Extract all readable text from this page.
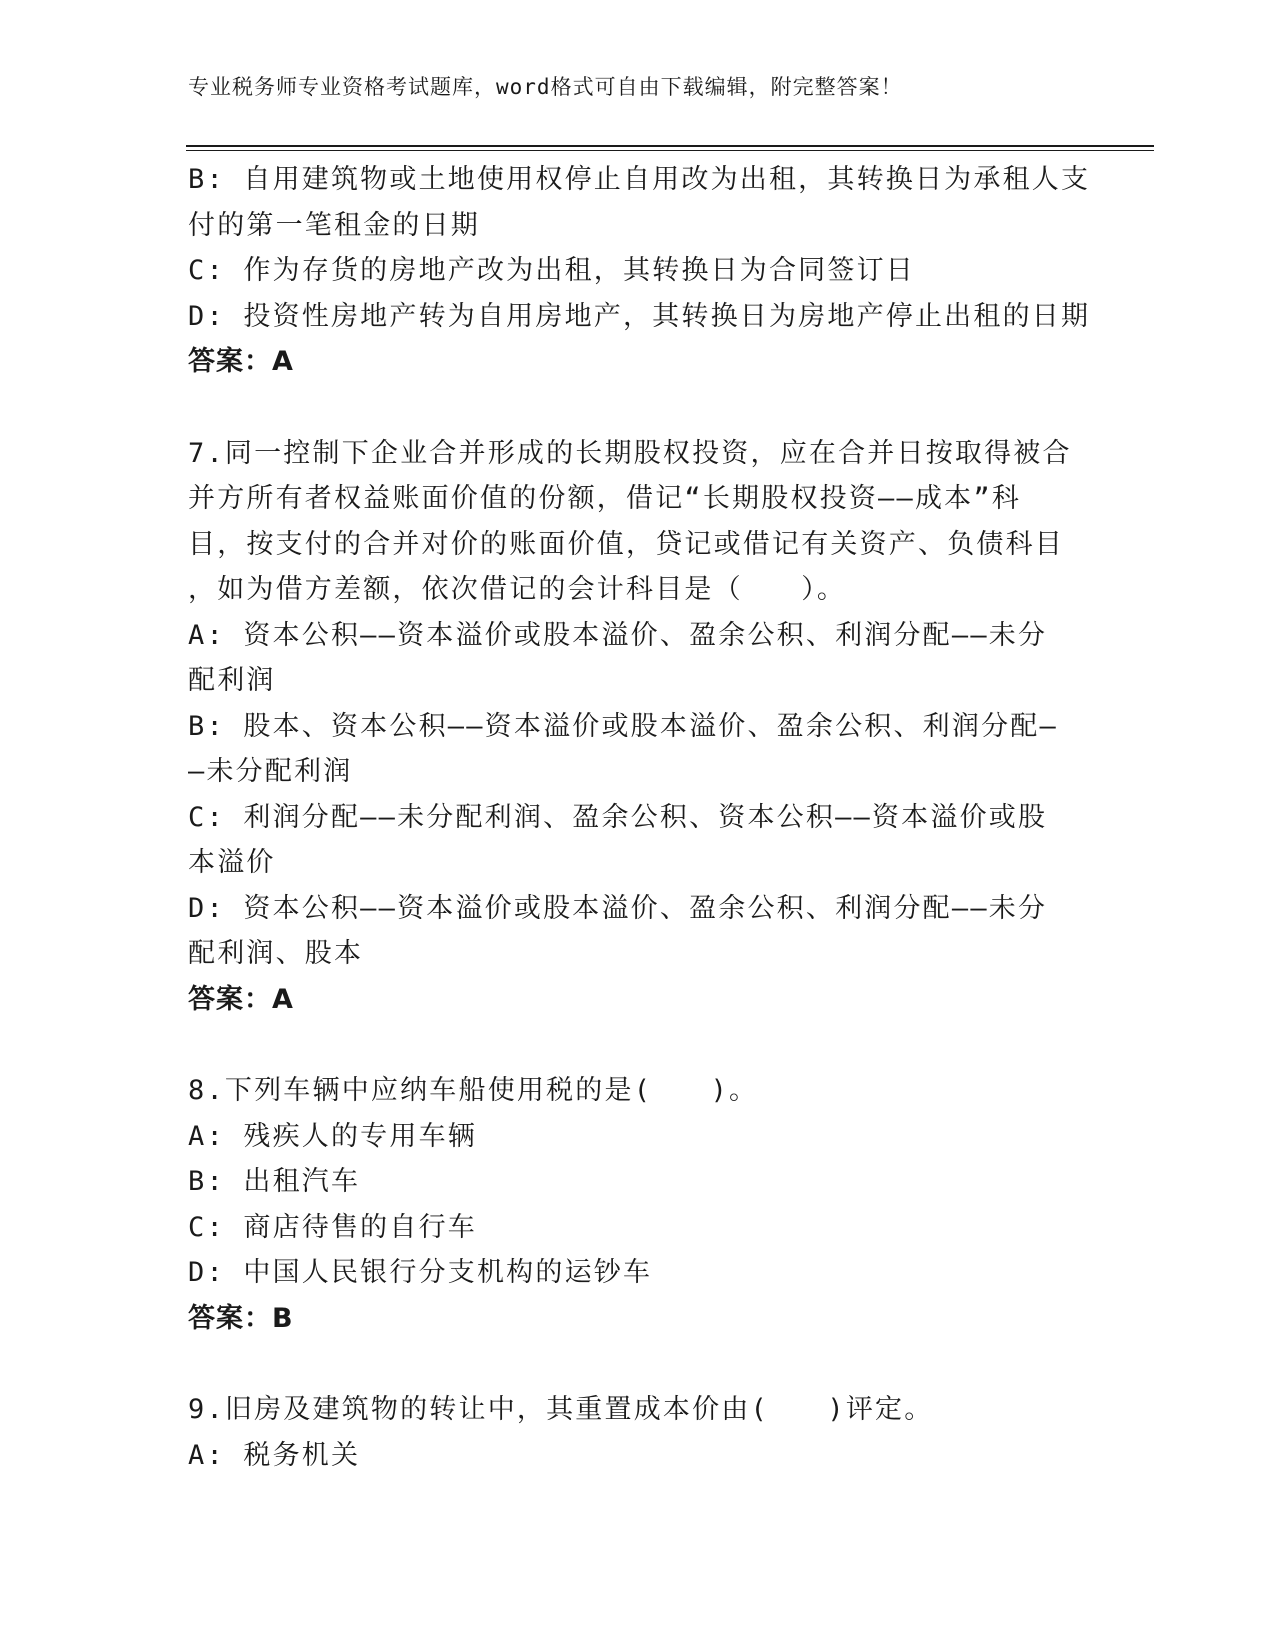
专业税务师专业资格考试题库，word格式可自由下载编辑，附完整答案！
B: 自用建筑物或土地使用权停止自用改为出租，其转换日为承租人支
付的第一笔租金的日期
C: 作为存货的房地产改为出租，其转换日为合同签订日
D: 投资性房地产转为自用房地产，其转换日为房地产停止出租的日期
答案：A
7.同一控制下企业合并形成的长期股权投资，应在合并日按取得被合
并方所有者权益账面价值的份额，借记“长期股权投资——成本”科
目，按支付的合并对价的账面价值，贷记或借记有关资产、负债科目
，如为借方差额，依次借记的会计科目是（　　）。
A: 资本公积——资本溢价或股本溢价、盈余公积、利润分配——未分
配利润
B: 股本、资本公积——资本溢价或股本溢价、盈余公积、利润分配—
—未分配利润
C: 利润分配——未分配利润、盈余公积、资本公积——资本溢价或股
本溢价
D: 资本公积——资本溢价或股本溢价、盈余公积、利润分配——未分
配利润、股本
答案：A
8.下列车辆中应纳车船使用税的是(　　)。
A: 残疾人的专用车辆
B: 出租汽车
C: 商店待售的自行车
D: 中国人民银行分支机构的运钞车
答案：B
9.旧房及建筑物的转让中，其重置成本价由(　　)评定。
A: 税务机关
